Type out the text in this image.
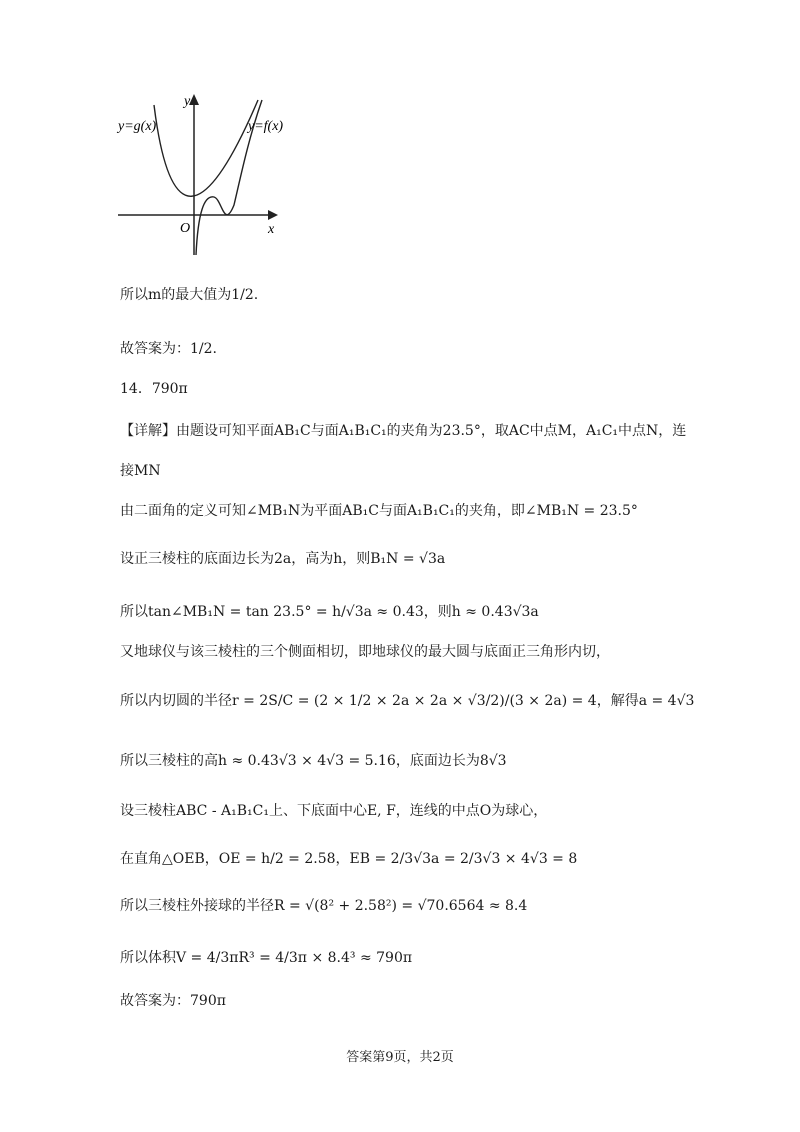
y
x
O
y=g(x)	y=f(x)
所以m的最大值为1/2.
故答案为：1/2.
14．790π
【详解】由题设可知平面AB₁C与面A₁B₁C₁的夹角为23.5°，取AC中点M，A₁C₁中点N，连
接MN
由二面角的定义可知∠MB₁N为平面AB₁C与面A₁B₁C₁的夹角，即∠MB₁N = 23.5°
设正三棱柱的底面边长为2a，高为h，则B₁N = √3a
所以tan∠MB₁N = tan 23.5° = h/√3a ≈ 0.43，则h ≈ 0.43√3a
又地球仪与该三棱柱的三个侧面相切，即地球仪的最大圆与底面正三角形内切，
所以内切圆的半径r = 2S/C = (2 × 1/2 × 2a × 2a × √3/2)/(3 × 2a) = 4，解得a = 4√3
所以三棱柱的高h ≈ 0.43√3 × 4√3 = 5.16，底面边长为8√3
设三棱柱ABC - A₁B₁C₁上、下底面中心E, F，连线的中点O为球心，
在直角△OEB，OE = h/2 = 2.58，EB = 2/3√3a = 2/3√3 × 4√3 = 8
所以三棱柱外接球的半径R = √(8² + 2.58²) = √70.6564 ≈ 8.4
所以体积V = 4/3πR³ = 4/3π × 8.4³ ≈ 790π
故答案为：790π
答案第9页，共2页
